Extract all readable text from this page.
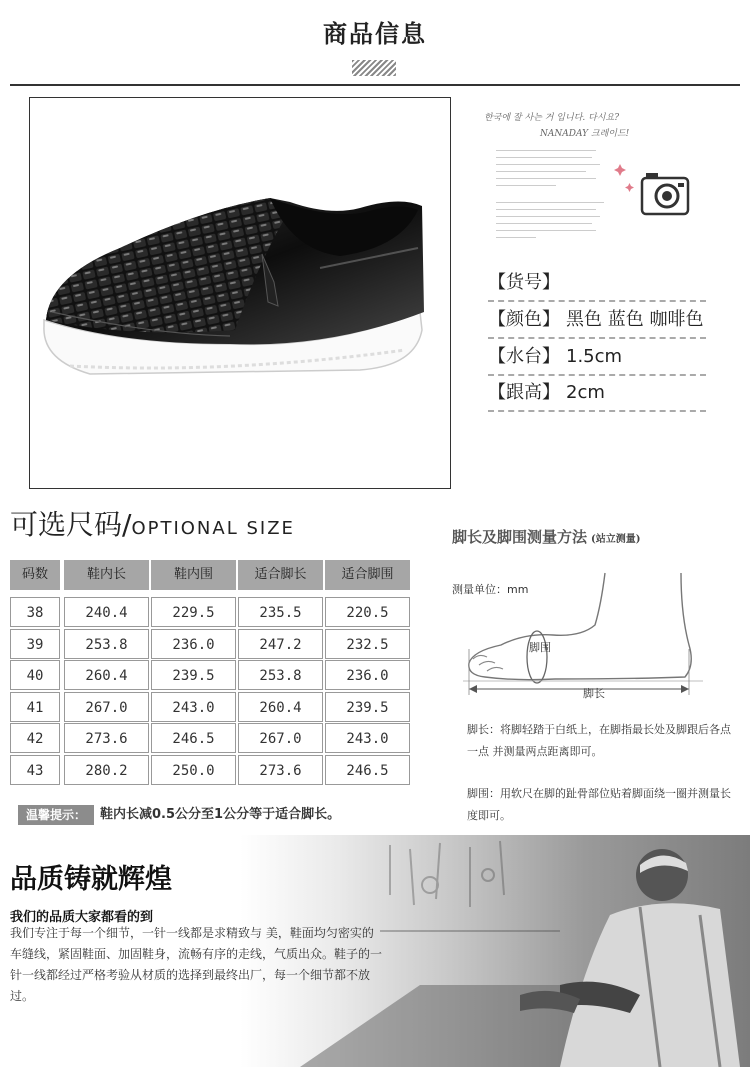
商品信息
한국에 잘 사는 거 입니다. 다시요?
NANADAY 크레이드!
【货号】
【颜色】 黑色 蓝色 咖啡色
【水台】 1.5cm
【跟高】 2cm
可选尺码/OPTIONAL SIZE
码数	鞋内长	鞋内围	适合脚长	适合脚围
38	240.4	229.5	235.5	220.5
39	253.8	236.0	247.2	232.5
40	260.4	239.5	253.8	236.0
41	267.0	243.0	260.4	239.5
42	273.6	246.5	267.0	243.0
43	280.2	250.0	273.6	246.5
温馨提示：	鞋内长减0.5公分至1公分等于适合脚长。
脚长及脚围测量方法 (站立测量)
脚围
脚长
测量单位：mm
脚长：将脚轻踏于白纸上，在脚指最长处及脚跟后各点一点 并测量两点距离即可。
脚围：用软尺在脚的趾骨部位贴着脚面绕一圈并测量长度即可。
品质铸就辉煌
我们的品质大家都看的到
我们专注于每一个细节，一针一线都是求精致与 美，鞋面均匀密实的车缝线，紧固鞋面、加固鞋身，流畅有序的走线，气质出众。鞋子的一针一线都经过严格考验从材质的选择到最终出厂，每一个细节都不放过。
